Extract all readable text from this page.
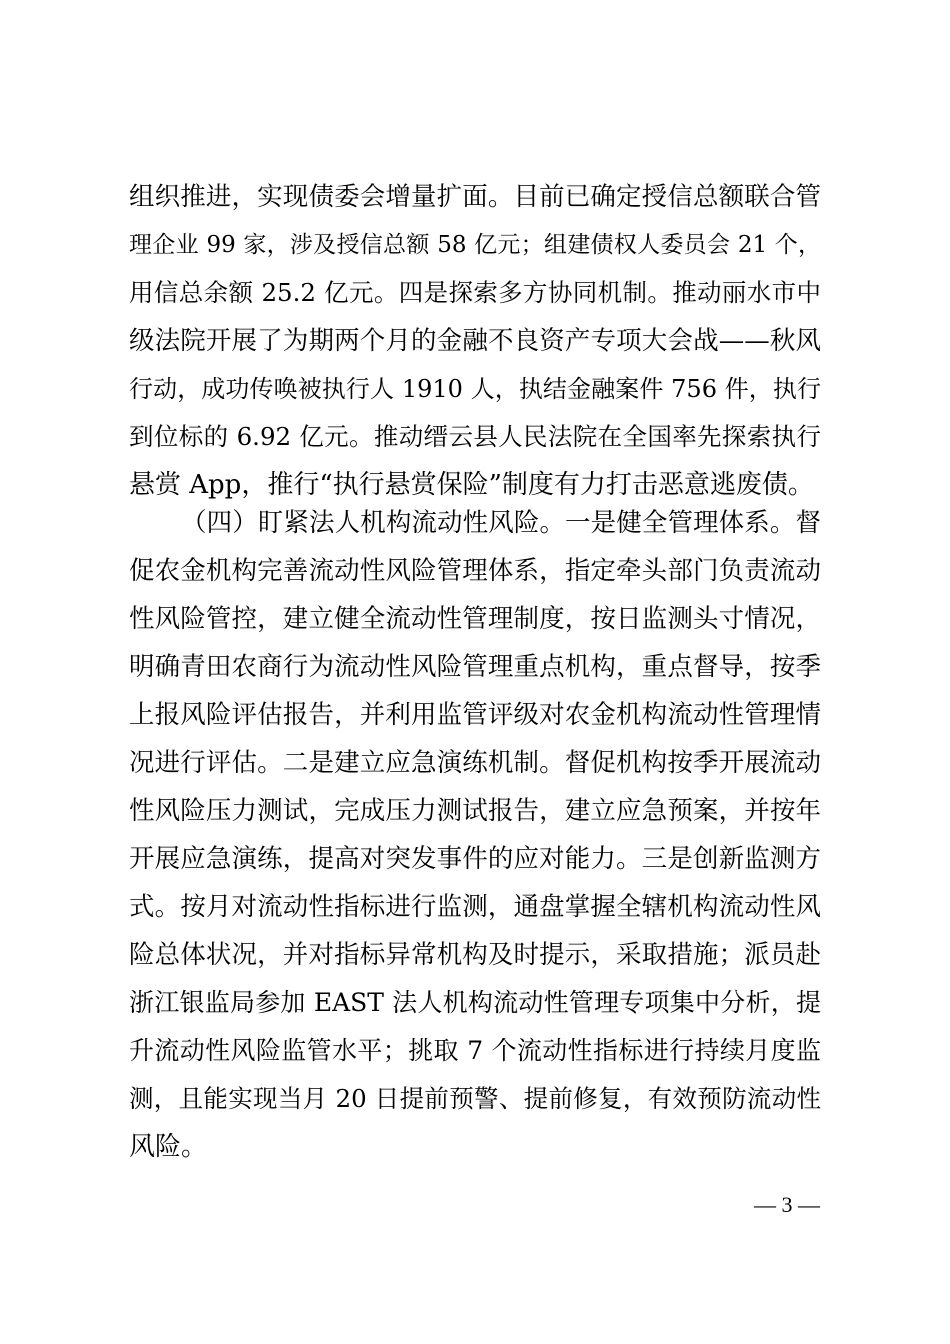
组织推进，实现债委会增量扩面。目前已确定授信总额联合管
理企业 99 家，涉及授信总额 58 亿元；组建债权人委员会 21 个，
用信总余额 25.2 亿元。四是探索多方协同机制。推动丽水市中
级法院开展了为期两个月的金融不良资产专项大会战——秋风
行动，成功传唤被执行人 1910 人，执结金融案件 756 件，执行
到位标的 6.92 亿元。推动缙云县人民法院在全国率先探索执行
悬赏 App，推行“执行悬赏保险”制度有力打击恶意逃废债。
（四）盯紧法人机构流动性风险。一是健全管理体系。督
促农金机构完善流动性风险管理体系，指定牵头部门负责流动
性风险管控，建立健全流动性管理制度，按日监测头寸情况，
明确青田农商行为流动性风险管理重点机构，重点督导，按季
上报风险评估报告，并利用监管评级对农金机构流动性管理情
况进行评估。二是建立应急演练机制。督促机构按季开展流动
性风险压力测试，完成压力测试报告，建立应急预案，并按年
开展应急演练，提高对突发事件的应对能力。三是创新监测方
式。按月对流动性指标进行监测，通盘掌握全辖机构流动性风
险总体状况，并对指标异常机构及时提示，采取措施；派员赴
浙江银监局参加 EAST 法人机构流动性管理专项集中分析，提
升流动性风险监管水平；挑取 7 个流动性指标进行持续月度监
测，且能实现当月 20 日提前预警、提前修复，有效预防流动性
风险。
— 3 —
